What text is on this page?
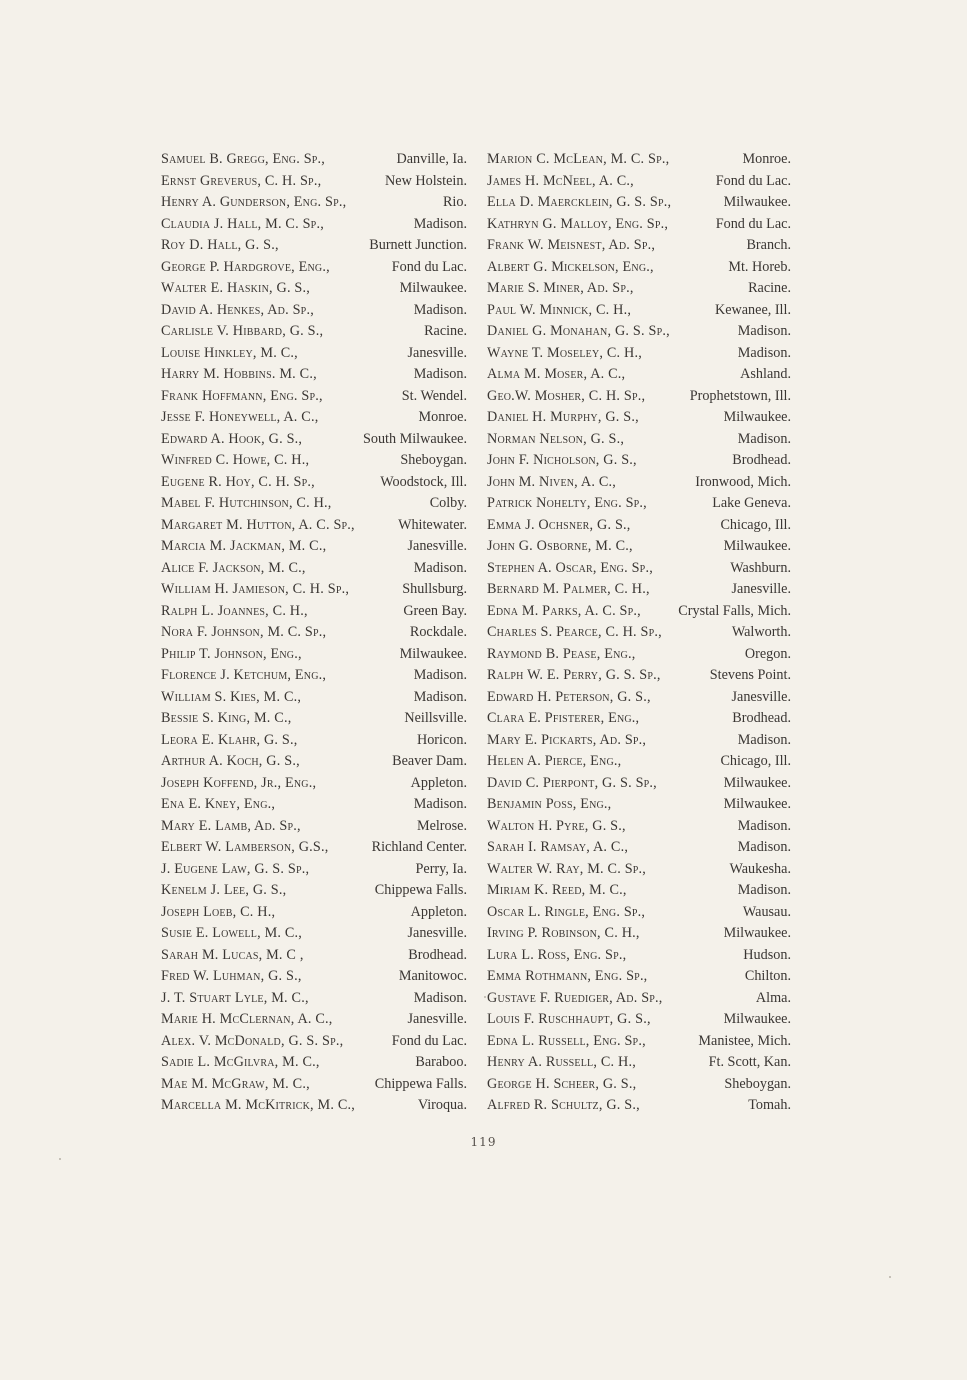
Samuel B. Gregg, Eng. Sp.,	Danville, Ia.
Ernst Greverus, C. H. Sp.,	New Holstein.
Henry A. Gunderson, Eng. Sp.,	Rio.
Claudia J. Hall, M. C. Sp.,	Madison.
Roy D. Hall, G. S.,	Burnett Junction.
George P. Hardgrove, Eng.,	Fond du Lac.
Walter E. Haskin, G. S.,	Milwaukee.
David A. Henkes, Ad. Sp.,	Madison.
Carlisle V. Hibbard, G. S.,	Racine.
Louise Hinkley, M. C.,	Janesville.
Harry M. Hobbins. M. C.,	Madison.
Frank Hoffmann, Eng. Sp.,	St. Wendel.
Jesse F. Honeywell, A. C.,	Monroe.
Edward A. Hook, G. S.,	South Milwaukee.
Winfred C. Howe, C. H.,	Sheboygan.
Eugene R. Hoy, C. H. Sp.,	Woodstock, Ill.
Mabel F. Hutchinson, C. H.,	Colby.
Margaret M. Hutton, A. C. Sp.,	Whitewater.
Marcia M. Jackman, M. C.,	Janesville.
Alice F. Jackson, M. C.,	Madison.
William H. Jamieson, C. H. Sp.,	Shullsburg.
Ralph L. Joannes, C. H.,	Green Bay.
Nora F. Johnson, M. C. Sp.,	Rockdale.
Philip T. Johnson, Eng.,	Milwaukee.
Florence J. Ketchum, Eng.,	Madison.
William S. Kies, M. C.,	Madison.
Bessie S. King, M. C.,	Neillsville.
Leora E. Klahr, G. S.,	Horicon.
Arthur A. Koch, G. S.,	Beaver Dam.
Joseph Koffend, Jr., Eng.,	Appleton.
Ena E. Kney, Eng.,	Madison.
Mary E. Lamb, Ad. Sp.,	Melrose.
Elbert W. Lamberson, G.S.,	Richland Center.
J. Eugene Law, G. S. Sp.,	Perry, Ia.
Kenelm J. Lee, G. S.,	Chippewa Falls.
Joseph Loeb, C. H.,	Appleton.
Susie E. Lowell, M. C.,	Janesville.
Sarah M. Lucas, M. C ,	Brodhead.
Fred W. Luhman, G. S.,	Manitowoc.
J. T. Stuart Lyle, M. C.,	Madison.
Marie H. McClernan, A. C.,	Janesville.
Alex. V. McDonald, G. S. Sp.,	Fond du Lac.
Sadie L. McGilvra, M. C.,	Baraboo.
Mae M. McGraw, M. C.,	Chippewa Falls.
Marcella M. McKitrick, M. C.,	Viroqua.
Marion C. McLean, M. C. Sp.,	Monroe.
James H. McNeel, A. C.,	Fond du Lac.
Ella D. Maercklein, G. S. Sp.,	Milwaukee.
Kathryn G. Malloy, Eng. Sp.,	Fond du Lac.
Frank W. Meisnest, Ad. Sp.,	Branch.
Albert G. Mickelson, Eng.,	Mt. Horeb.
Marie S. Miner, Ad. Sp.,	Racine.
Paul W. Minnick, C. H.,	Kewanee, Ill.
Daniel G. Monahan, G. S. Sp.,	Madison.
Wayne T. Moseley, C. H.,	Madison.
Alma M. Moser, A. C.,	Ashland.
Geo.W. Mosher, C. H. Sp.,	Prophetstown, Ill.
Daniel H. Murphy, G. S.,	Milwaukee.
Norman Nelson, G. S.,	Madison.
John F. Nicholson, G. S.,	Brodhead.
John M. Niven, A. C.,	Ironwood, Mich.
Patrick Nohelty, Eng. Sp.,	Lake Geneva.
Emma J. Ochsner, G. S.,	Chicago, Ill.
John G. Osborne, M. C.,	Milwaukee.
Stephen A. Oscar, Eng. Sp.,	Washburn.
Bernard M. Palmer, C. H.,	Janesville.
Edna M. Parks, A. C. Sp.,	Crystal Falls, Mich.
Charles S. Pearce, C. H. Sp.,	Walworth.
Raymond B. Pease, Eng.,	Oregon.
Ralph W. E. Perry, G. S. Sp.,	Stevens Point.
Edward H. Peterson, G. S.,	Janesville.
Clara E. Pfisterer, Eng.,	Brodhead.
Mary E. Pickarts, Ad. Sp.,	Madison.
Helen A. Pierce, Eng.,	Chicago, Ill.
David C. Pierpont, G. S. Sp.,	Milwaukee.
Benjamin Poss, Eng.,	Milwaukee.
Walton H. Pyre, G. S.,	Madison.
Sarah I. Ramsay, A. C.,	Madison.
Walter W. Ray, M. C. Sp.,	Waukesha.
Miriam K. Reed, M. C.,	Madison.
Oscar L. Ringle, Eng. Sp.,	Wausau.
Irving P. Robinson, C. H.,	Milwaukee.
Lura L. Ross, Eng. Sp.,	Hudson.
Emma Rothmann, Eng. Sp.,	Chilton.
Gustave F. Ruediger, Ad. Sp.,	Alma.
Louis F. Ruschhaupt, G. S.,	Milwaukee.
Edna L. Russell, Eng. Sp.,	Manistee, Mich.
Henry A. Russell, C. H.,	Ft. Scott, Kan.
George H. Scheer, G. S.,	Sheboygan.
Alfred R. Schultz, G. S.,	Tomah.
119
